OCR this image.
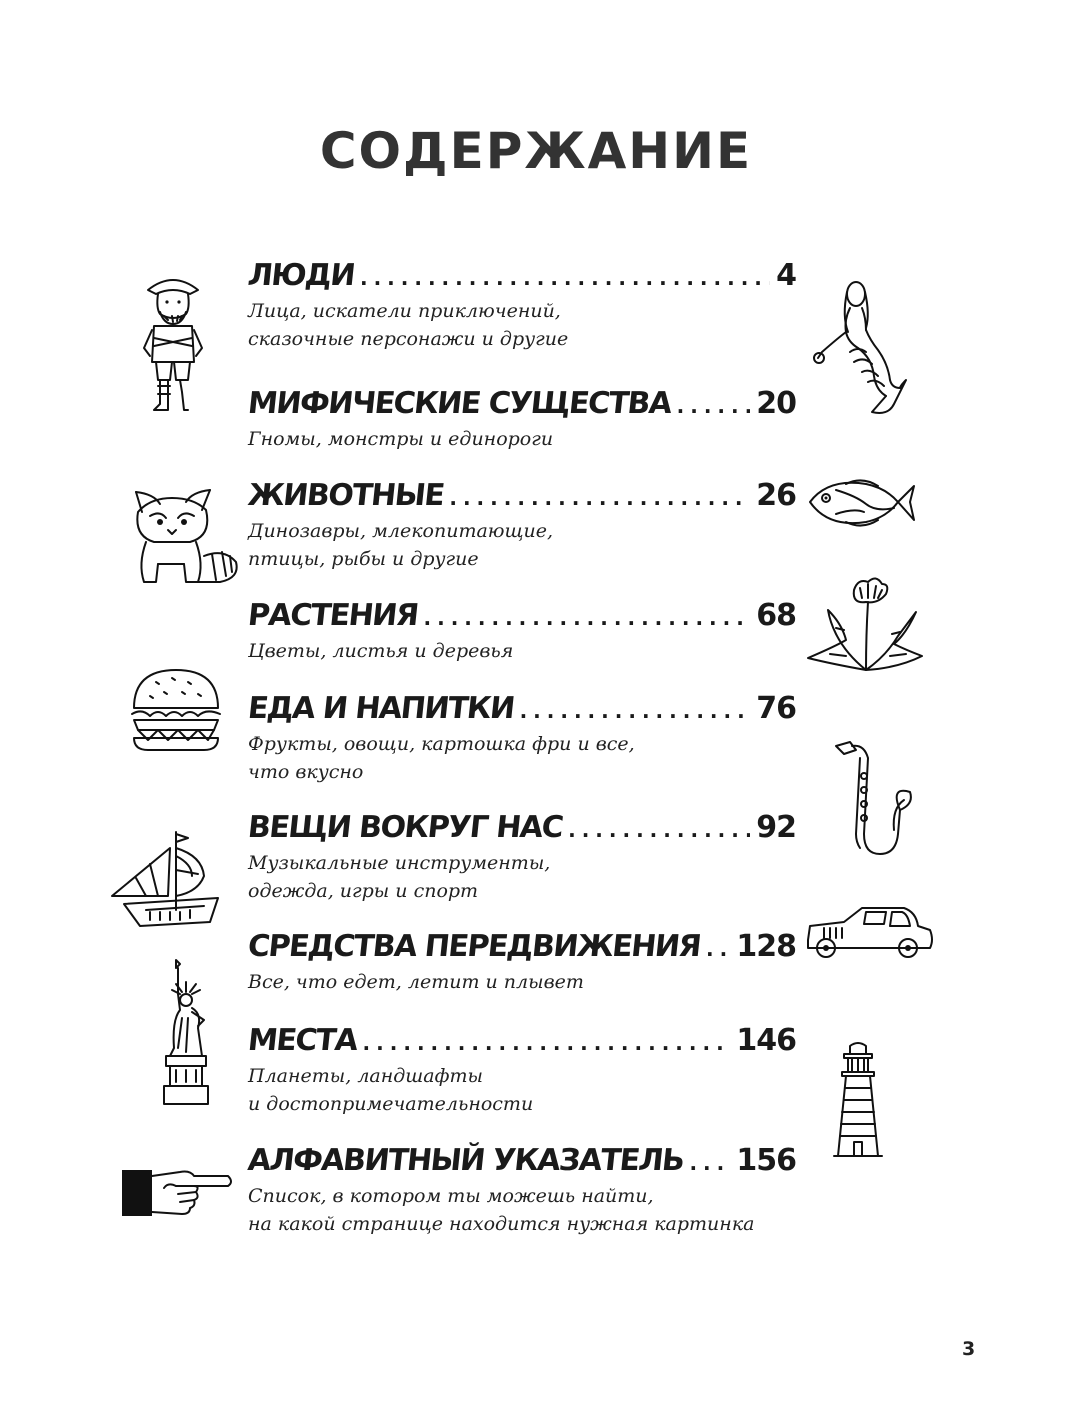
СОДЕРЖАНИЕ
ЛЮДИ .....	4
Лица, искатели приключений,
сказочные персонажи и другие
МИФИЧЕСКИЕ СУЩЕСТВА .....	20
Гномы, монстры и единороги
ЖИВОТНЫЕ .....	26
Динозавры, млекопитающие,
птицы, рыбы и другие
РАСТЕНИЯ .....	68
Цветы, листья и деревья
ЕДА И НАПИТКИ .....	76
Фрукты, овощи, картошка фри и все,
что вкусно
ВЕЩИ ВОКРУГ НАС .....	92
Музыкальные инструменты,
одежда, игры и спорт
СРЕДСТВА ПЕРЕДВИЖЕНИЯ ..... 128
Все, что едет, летит и плывет
МЕСТА .....	146
Планеты, ландшафты
и достопримечательности
АЛФАВИТНЫЙ УКАЗАТЕЛЬ ..... 156
Список, в котором ты можешь найти,
на какой странице находится нужная картинка
3
